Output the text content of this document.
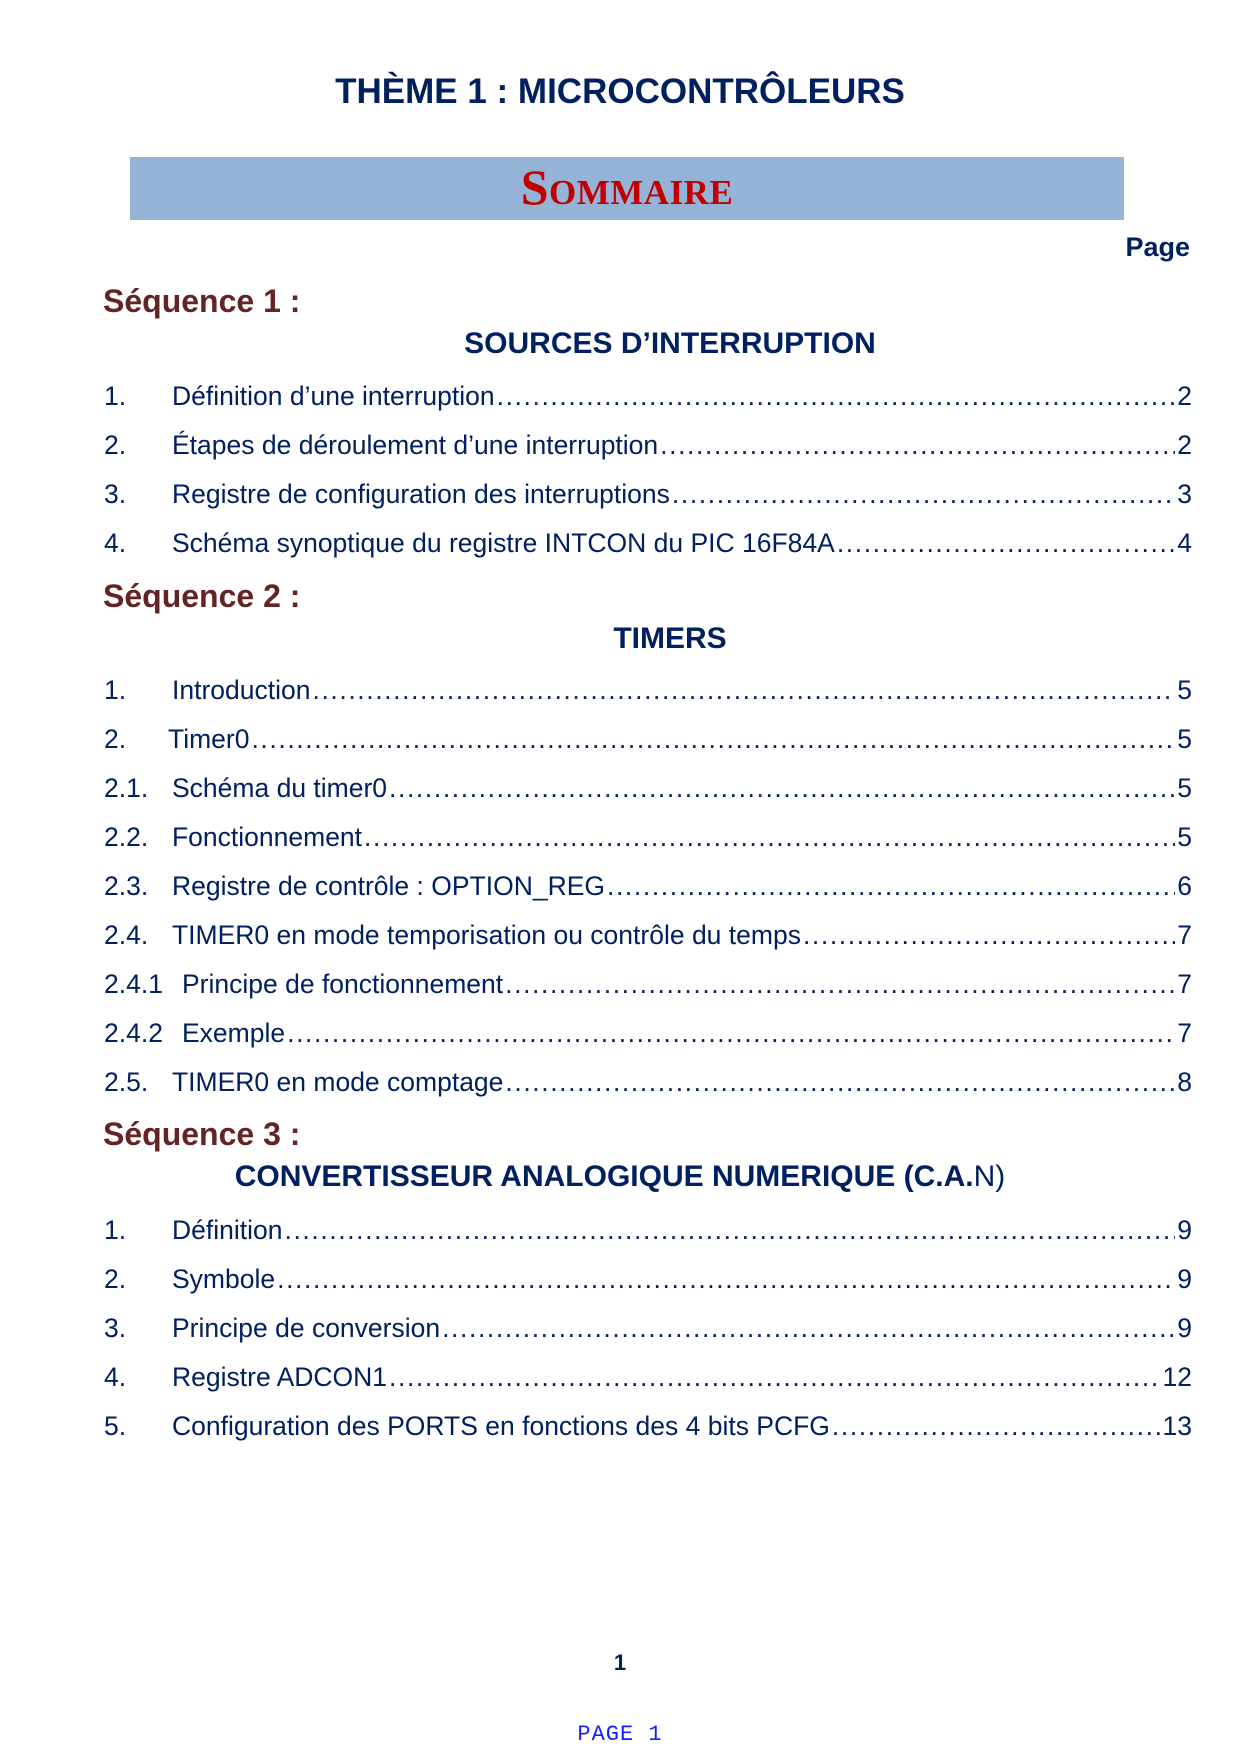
THÈME 1 : MICROCONTRÔLEURS
Sommaire
Page
Séquence 1 :
SOURCES D’INTERRUPTION
1.	Définition d’une interruption .....	2
2.	Étapes de déroulement d’une interruption .....	2
3.	Registre de configuration des interruptions .....	3
4.	Schéma synoptique du registre INTCON du PIC 16F84A .....	4
Séquence 2 :
TIMERS
1.	Introduction .....	5
2.	Timer0 .....	5
2.1. Schéma du timer0 .....	5
2.2. Fonctionnement .....	5
2.3. Registre de contrôle : OPTION_REG .....	6
2.4. TIMER0 en mode temporisation ou contrôle du temps .....	7
2.4.1 Principe de fonctionnement .....	7
2.4.2 Exemple .....	7
2.5. TIMER0 en mode comptage .....	8
Séquence 3 :
CONVERTISSEUR ANALOGIQUE NUMERIQUE (C.A.N)
1.	Définition .....	9
2.	Symbole .....	9
3.	Principe de conversion .....	9
4.	Registre ADCON1 .....	12
5.	Configuration des PORTS en fonctions des 4 bits PCFG .....	13
1
PAGE 1
